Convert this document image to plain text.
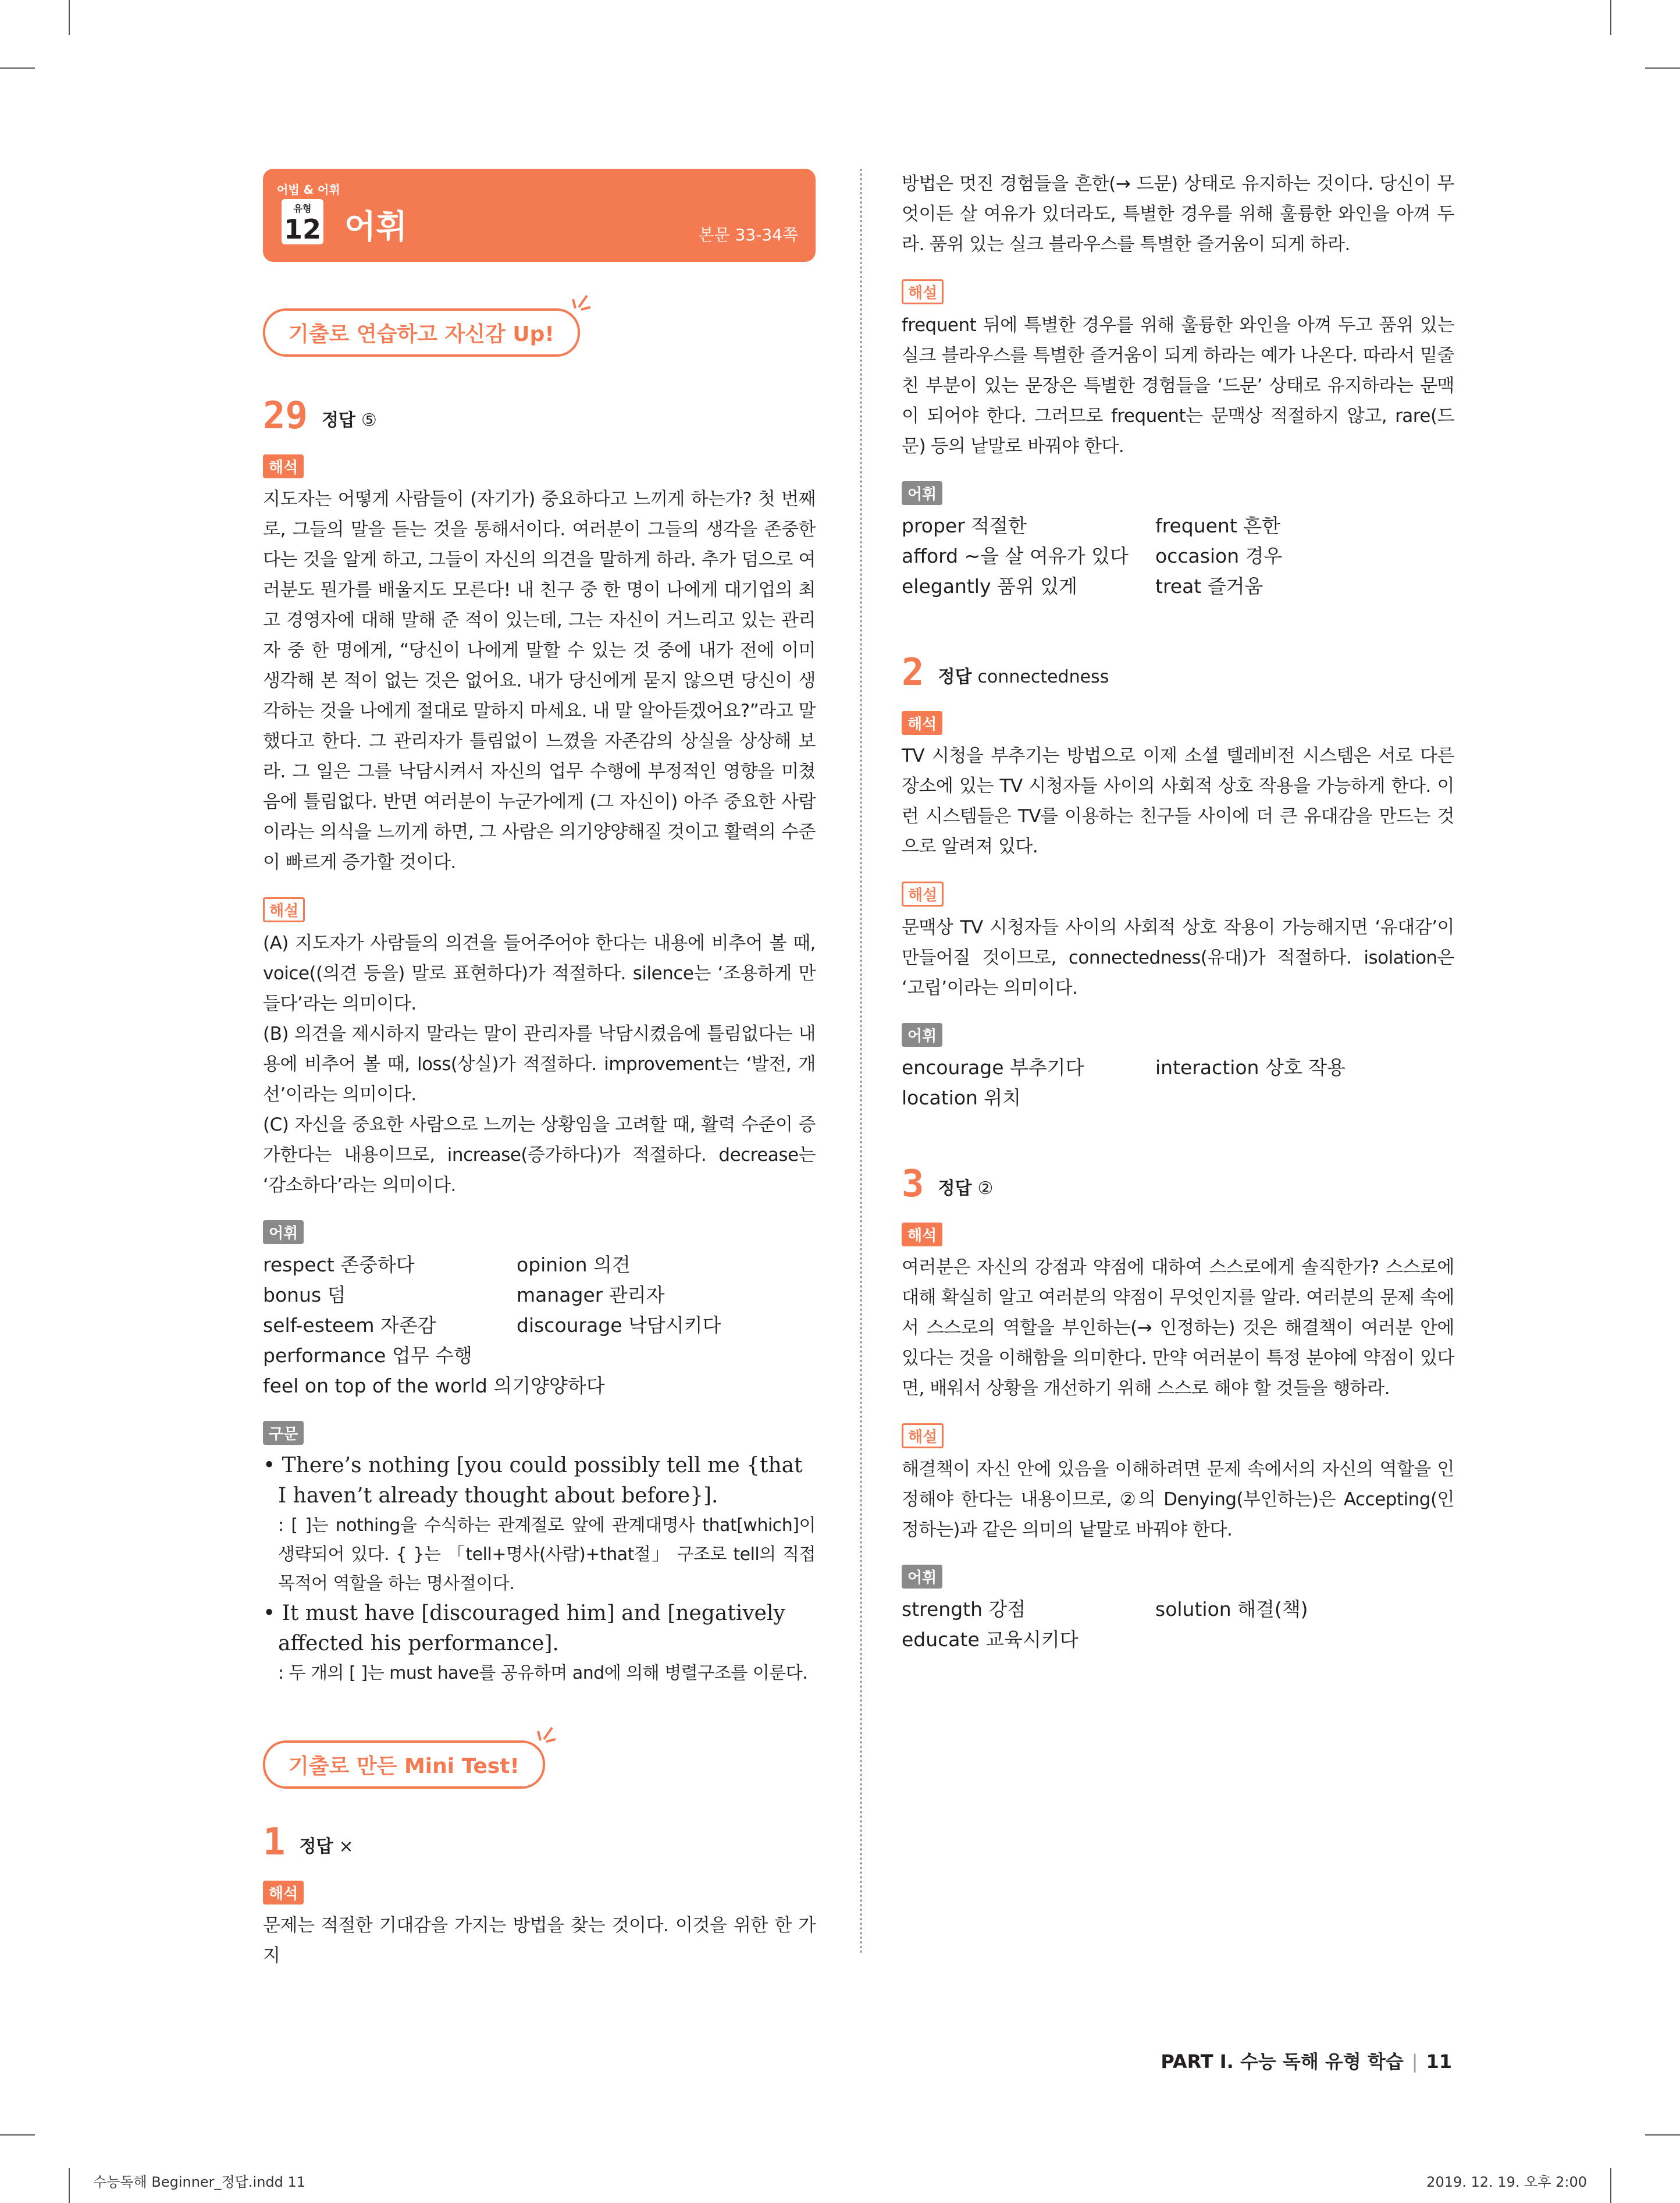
어법 & 어휘
유형
12 어휘	본문 33-34쪽
기출로 연습하고 자신감 Up!
29 정답 ⑤
해석

지도자는 어떻게 사람들이 (자기가) 중요하다고 느끼게 하는가? 첫 번째로, 그들의 말을 듣는 것을 통해서이다. 여러분이 그들의 생각을 존중한다는 것을 알게 하고, 그들이 자신의 의견을 말하게 하라. 추가 덤으로 여러분도 뭔가를 배울지도 모른다! 내 친구 중 한 명이 나에게 대기업의 최고 경영자에 대해 말해 준 적이 있는데, 그는 자신이 거느리고 있는 관리자 중 한 명에게, “당신이 나에게 말할 수 있는 것 중에 내가 전에 이미 생각해 본 적이 없는 것은 없어요. 내가 당신에게 묻지 않으면 당신이 생각하는 것을 나에게 절대로 말하지 마세요. 내 말 알아듣겠어요?”라고 말했다고 한다. 그 관리자가 틀림없이 느꼈을 자존감의 상실을 상상해 보라. 그 일은 그를 낙담시켜서 자신의 업무 수행에 부정적인 영향을 미쳤음에 틀림없다. 반면 여러분이 누군가에게 (그 자신이) 아주 중요한 사람이라는 의식을 느끼게 하면, 그 사람은 의기양양해질 것이고 활력의 수준이 빠르게 증가할 것이다.

해설

(A) 지도자가 사람들의 의견을 들어주어야 한다는 내용에 비추어 볼 때, voice((의견 등을) 말로 표현하다)가 적절하다. silence는 ‘조용하게 만들다’라는 의미이다.

(B) 의견을 제시하지 말라는 말이 관리자를 낙담시켰음에 틀림없다는 내용에 비추어 볼 때, loss(상실)가 적절하다. improvement는 ‘발전, 개선’이라는 의미이다.

(C) 자신을 중요한 사람으로 느끼는 상황임을 고려할 때, 활력 수준이 증가한다는 내용이므로, increase(증가하다)가 적절하다. decrease는 ‘감소하다’라는 의미이다.

어휘
respect 존중하다	opinion 의견
bonus 덤	manager 관리자
self-esteem 자존감	discourage 낙담시키다
performance 업무 수행
feel on top of the world 의기양양하다
구문
• There’s nothing [you could possibly tell me {that I haven’t already thought about before}].
: [ ]는 nothing을 수식하는 관계절로 앞에 관계대명사 that[which]이 생략되어 있다. { }는 「tell+명사(사람)+that절」 구조로 tell의 직접목적어 역할을 하는 명사절이다.
• It must have [discouraged him] and [negatively affected his performance].
: 두 개의 [ ]는 must have를 공유하며 and에 의해 병렬구조를 이룬다.
기출로 만든 Mini Test!
1 정답 ×
해석

문제는 적절한 기대감을 가지는 방법을 찾는 것이다. 이것을 위한 한 가지

방법은 멋진 경험들을 흔한(→ 드문) 상태로 유지하는 것이다. 당신이 무엇이든 살 여유가 있더라도, 특별한 경우를 위해 훌륭한 와인을 아껴 두라. 품위 있는 실크 블라우스를 특별한 즐거움이 되게 하라.

해설

frequent 뒤에 특별한 경우를 위해 훌륭한 와인을 아껴 두고 품위 있는 실크 블라우스를 특별한 즐거움이 되게 하라는 예가 나온다. 따라서 밑줄 친 부분이 있는 문장은 특별한 경험들을 ‘드문’ 상태로 유지하라는 문맥이 되어야 한다. 그러므로 frequent는 문맥상 적절하지 않고, rare(드문) 등의 낱말로 바꿔야 한다.

어휘
proper 적절한	frequent 흔한
afford ~을 살 여유가 있다	occasion 경우
elegantly 품위 있게	treat 즐거움
2 정답 connectedness
해석

TV 시청을 부추기는 방법으로 이제 소셜 텔레비전 시스템은 서로 다른 장소에 있는 TV 시청자들 사이의 사회적 상호 작용을 가능하게 한다. 이런 시스템들은 TV를 이용하는 친구들 사이에 더 큰 유대감을 만드는 것으로 알려져 있다.

해설

문맥상 TV 시청자들 사이의 사회적 상호 작용이 가능해지면 ‘유대감’이 만들어질 것이므로, connectedness(유대)가 적절하다. isolation은 ‘고립’이라는 의미이다.

어휘
encourage 부추기다	interaction 상호 작용
location 위치
3 정답 ②
해석

여러분은 자신의 강점과 약점에 대하여 스스로에게 솔직한가? 스스로에 대해 확실히 알고 여러분의 약점이 무엇인지를 알라. 여러분의 문제 속에서 스스로의 역할을 부인하는(→ 인정하는) 것은 해결책이 여러분 안에 있다는 것을 이해함을 의미한다. 만약 여러분이 특정 분야에 약점이 있다면, 배워서 상황을 개선하기 위해 스스로 해야 할 것들을 행하라.

해설

해결책이 자신 안에 있음을 이해하려면 문제 속에서의 자신의 역할을 인정해야 한다는 내용이므로, ②의 Denying(부인하는)은 Accepting(인정하는)과 같은 의미의 낱말로 바꿔야 한다.

어휘
strength 강점	solution 해결(책)
educate 교육시키다
PART Ⅰ. 수능 독해 유형 학습 | 11
수능독해 Beginner_정답.indd 11	2019. 12. 19. 오후 2:00
